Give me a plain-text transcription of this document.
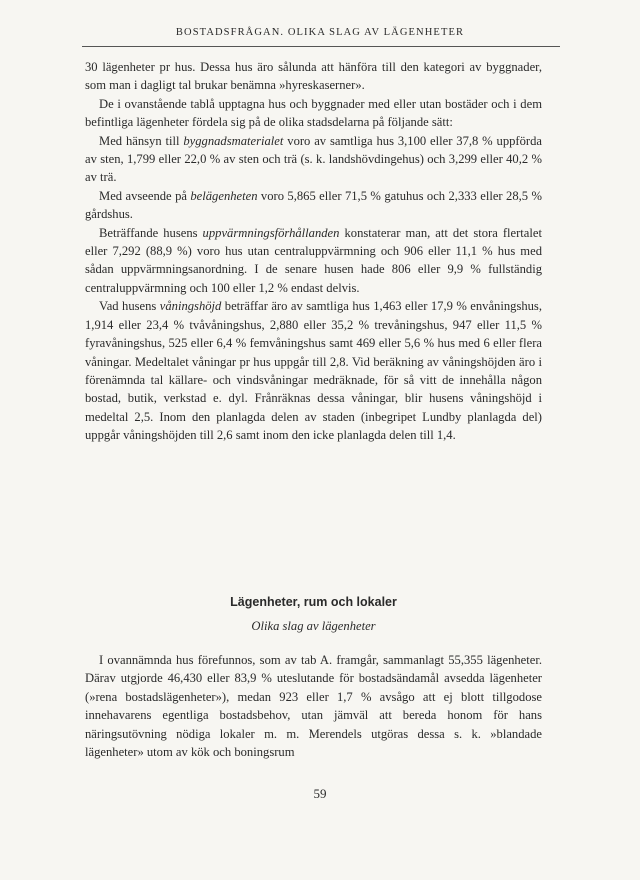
BOSTADSFRÅGAN. OLIKA SLAG AV LÄGENHETER

30 lägenheter pr hus. Dessa hus äro sålunda att hänföra till den kategori av byggnader, som man i dagligt tal brukar benämna »hyreskaserner».

De i ovanstående tablå upptagna hus och byggnader med eller utan bostäder och i dem befintliga lägenheter fördela sig på de olika stadsdelarna på följande sätt:

Med hänsyn till byggnadsmaterialet voro av samtliga hus 3,100 eller 37,8 % uppförda av sten, 1,799 eller 22,0 % av sten och trä (s. k. landshövdingehus) och 3,299 eller 40,2 % av trä.

Med avseende på belägenheten voro 5,865 eller 71,5 % gatuhus och 2,333 eller 28,5 % gårdshus.

Beträffande husens uppvärmningsförhållanden konstaterar man, att det stora flertalet eller 7,292 (88,9 %) voro hus utan centraluppvärmning och 906 eller 11,1 % hus med sådan uppvärmningsanordning. I de senare husen hade 806 eller 9,9 % fullständig centraluppvärmning och 100 eller 1,2 % endast delvis.

Vad husens våningshöjd beträffar äro av samtliga hus 1,463 eller 17,9 % envåningshus, 1,914 eller 23,4 % tvåvåningshus, 2,880 eller 35,2 % trevåningshus, 947 eller 11,5 % fyravåningshus, 525 eller 6,4 % femvåningshus samt 469 eller 5,6 % hus med 6 eller flera våningar. Medeltalet våningar pr hus uppgår till 2,8. Vid beräkning av våningshöjden äro i förenämnda tal källare- och vindsvåningar medräknade, för så vitt de innehålla någon bostad, butik, verkstad e. dyl. Frånräknas dessa våningar, blir husens våningshöjd i medeltal 2,5. Inom den planlagda delen av staden (inbegripet Lundby planlagda del) uppgår våningshöjden till 2,6 samt inom den icke planlagda delen till 1,4.

Lägenheter, rum och lokaler
Olika slag av lägenheter

I ovannämnda hus förefunnos, som av tab A. framgår, sammanlagt 55,355 lägenheter. Därav utgjorde 46,430 eller 83,9 % uteslutande för bostadsändamål avsedda lägenheter (»rena bostadslägenheter»), medan 923 eller 1,7 % avsågo att ej blott tillgodose innehavarens egentliga bostadsbehov, utan jämväl att bereda honom för hans näringsutövning nödiga lokaler m. m. Merendels utgöras dessa s. k. »blandade lägenheter» utom av kök och boningsrum

59
